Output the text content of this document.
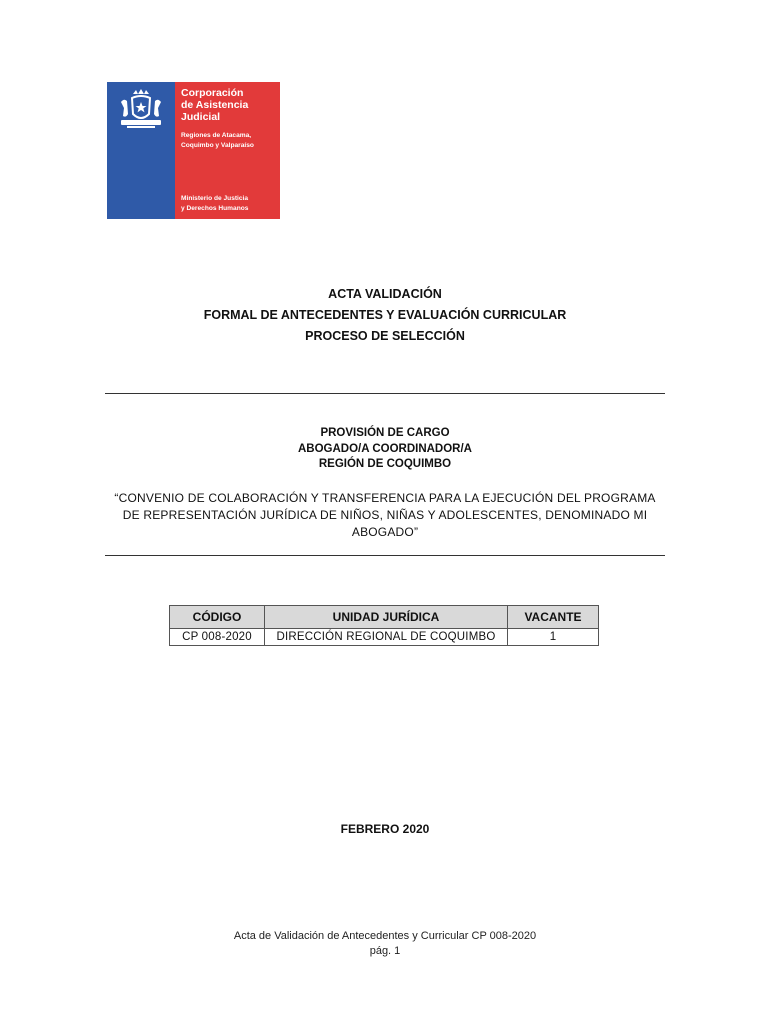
Corporación
de Asistencia
Judicial
Regiones de Atacama,
Coquimbo y Valparaíso
Ministerio de Justicia
y Derechos Humanos
ACTA VALIDACIÓN
FORMAL DE ANTECEDENTES Y EVALUACIÓN CURRICULAR
PROCESO DE SELECCIÓN
PROVISIÓN DE CARGO
ABOGADO/A COORDINADOR/A
REGIÓN DE COQUIMBO
“CONVENIO DE COLABORACIÓN Y TRANSFERENCIA PARA LA EJECUCIÓN DEL PROGRAMA DE REPRESENTACIÓN JURÍDICA DE NIÑOS, NIÑAS Y ADOLESCENTES, DENOMINADO MI ABOGADO”
CÓDIGO	UNIDAD JURÍDICA	VACANTE
CP 008-2020	DIRECCIÓN REGIONAL DE COQUIMBO	1
FEBRERO 2020
Acta de Validación de Antecedentes y Curricular CP 008-2020
pág. 1
